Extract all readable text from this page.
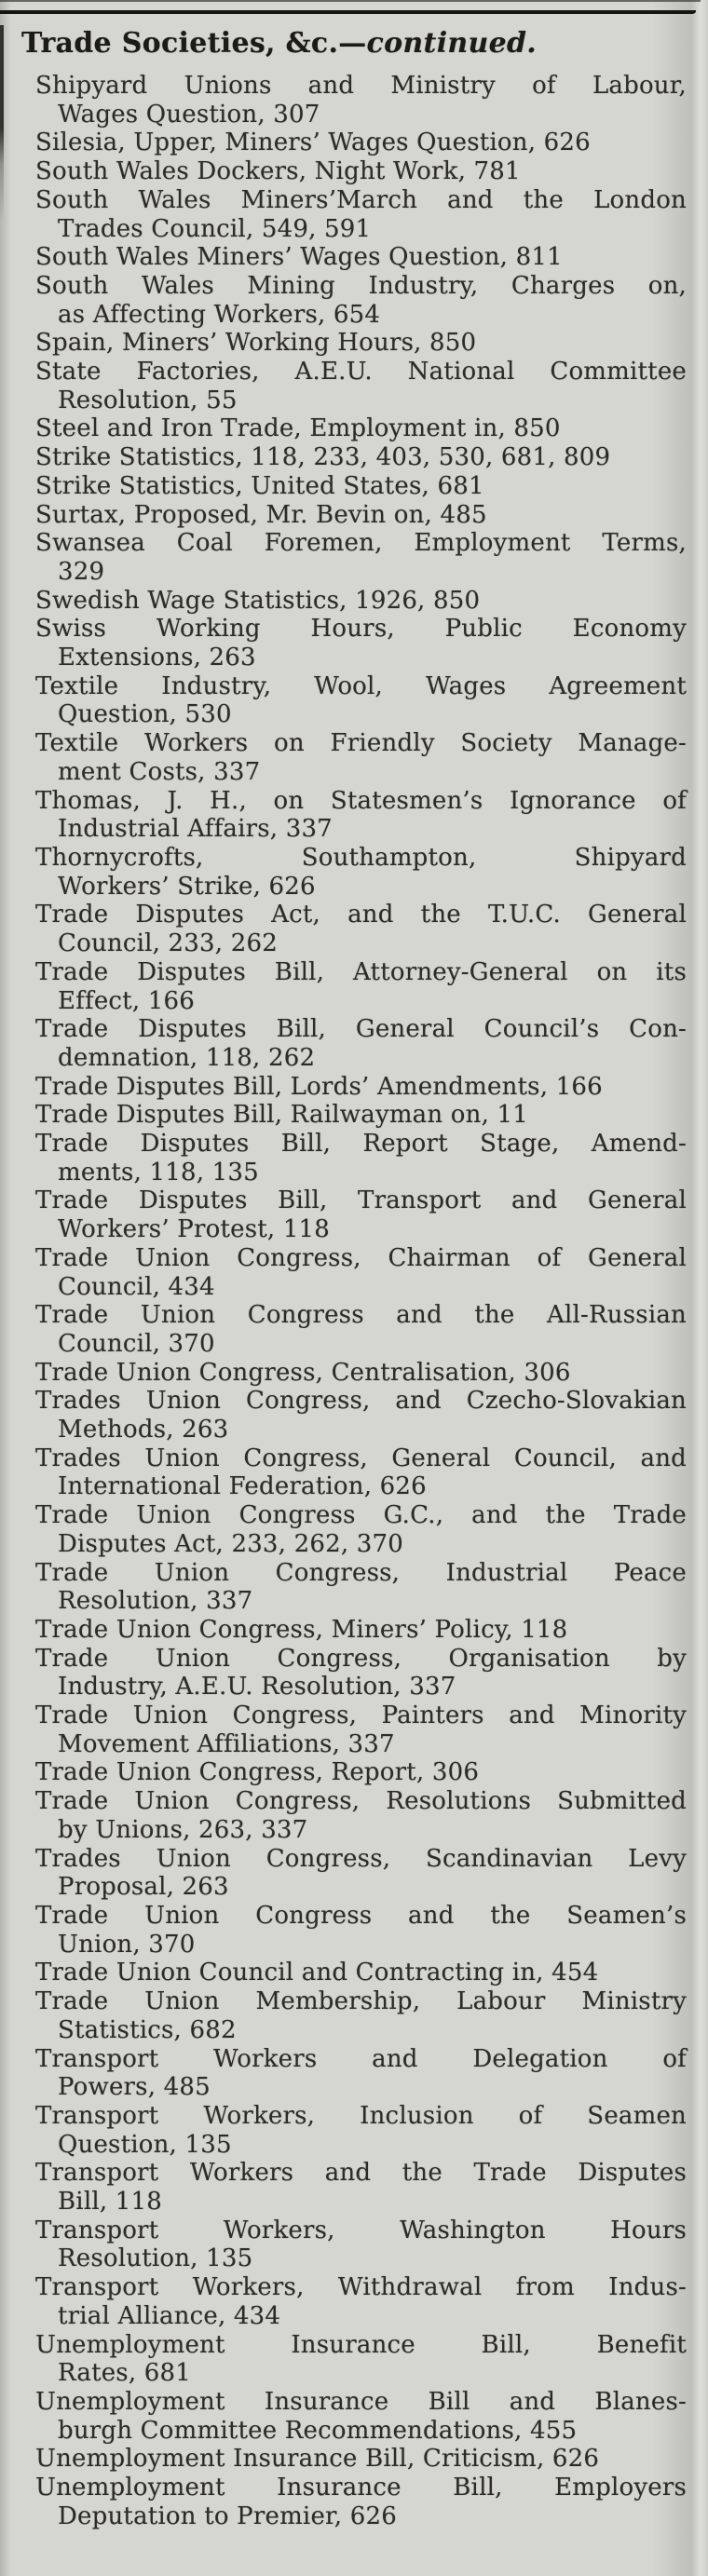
Trade Societies, &c.—continued.
Shipyard Unions and Ministry of Labour,
Wages Question, 307
Silesia, Upper, Miners’ Wages Question, 626
South Wales Dockers, Night Work, 781
South Wales Miners’March and the London
Trades Council, 549, 591
South Wales Miners’ Wages Question, 811
South Wales Mining Industry, Charges on,
as Affecting Workers, 654
Spain, Miners’ Working Hours, 850
State Factories, A.E.U. National Committee
Resolution, 55
Steel and Iron Trade, Employment in, 850
Strike Statistics, 118, 233, 403, 530, 681, 809
Strike Statistics, United States, 681
Surtax, Proposed, Mr. Bevin on, 485
Swansea Coal Foremen, Employment Terms,
329
Swedish Wage Statistics, 1926, 850
Swiss Working Hours, Public Economy
Extensions, 263
Textile Industry, Wool, Wages Agreement
Question, 530
Textile Workers on Friendly Society Manage-
ment Costs, 337
Thomas, J. H., on Statesmen’s Ignorance of
Industrial Affairs, 337
Thornycrofts, Southampton, Shipyard
Workers’ Strike, 626
Trade Disputes Act, and the T.U.C. General
Council, 233, 262
Trade Disputes Bill, Attorney-General on its
Effect, 166
Trade Disputes Bill, General Council’s Con-
demnation, 118, 262
Trade Disputes Bill, Lords’ Amendments, 166
Trade Disputes Bill, Railwayman on, 11
Trade Disputes Bill, Report Stage, Amend-
ments, 118, 135
Trade Disputes Bill, Transport and General
Workers’ Protest, 118
Trade Union Congress, Chairman of General
Council, 434
Trade Union Congress and the All-Russian
Council, 370
Trade Union Congress, Centralisation, 306
Trades Union Congress, and Czecho-Slovakian
Methods, 263
Trades Union Congress, General Council, and
International Federation, 626
Trade Union Congress G.C., and the Trade
Disputes Act, 233, 262, 370
Trade Union Congress, Industrial Peace
Resolution, 337
Trade Union Congress, Miners’ Policy, 118
Trade Union Congress, Organisation by
Industry, A.E.U. Resolution, 337
Trade Union Congress, Painters and Minority
Movement Affiliations, 337
Trade Union Congress, Report, 306
Trade Union Congress, Resolutions Submitted
by Unions, 263, 337
Trades Union Congress, Scandinavian Levy
Proposal, 263
Trade Union Congress and the Seamen’s
Union, 370
Trade Union Council and Contracting in, 454
Trade Union Membership, Labour Ministry
Statistics, 682
Transport Workers and Delegation of
Powers, 485
Transport Workers, Inclusion of Seamen
Question, 135
Transport Workers and the Trade Disputes
Bill, 118
Transport Workers, Washington Hours
Resolution, 135
Transport Workers, Withdrawal from Indus-
trial Alliance, 434
Unemployment Insurance Bill, Benefit
Rates, 681
Unemployment Insurance Bill and Blanes-
burgh Committee Recommendations, 455
Unemployment Insurance Bill, Criticism, 626
Unemployment Insurance Bill, Employers
Deputation to Premier, 626
